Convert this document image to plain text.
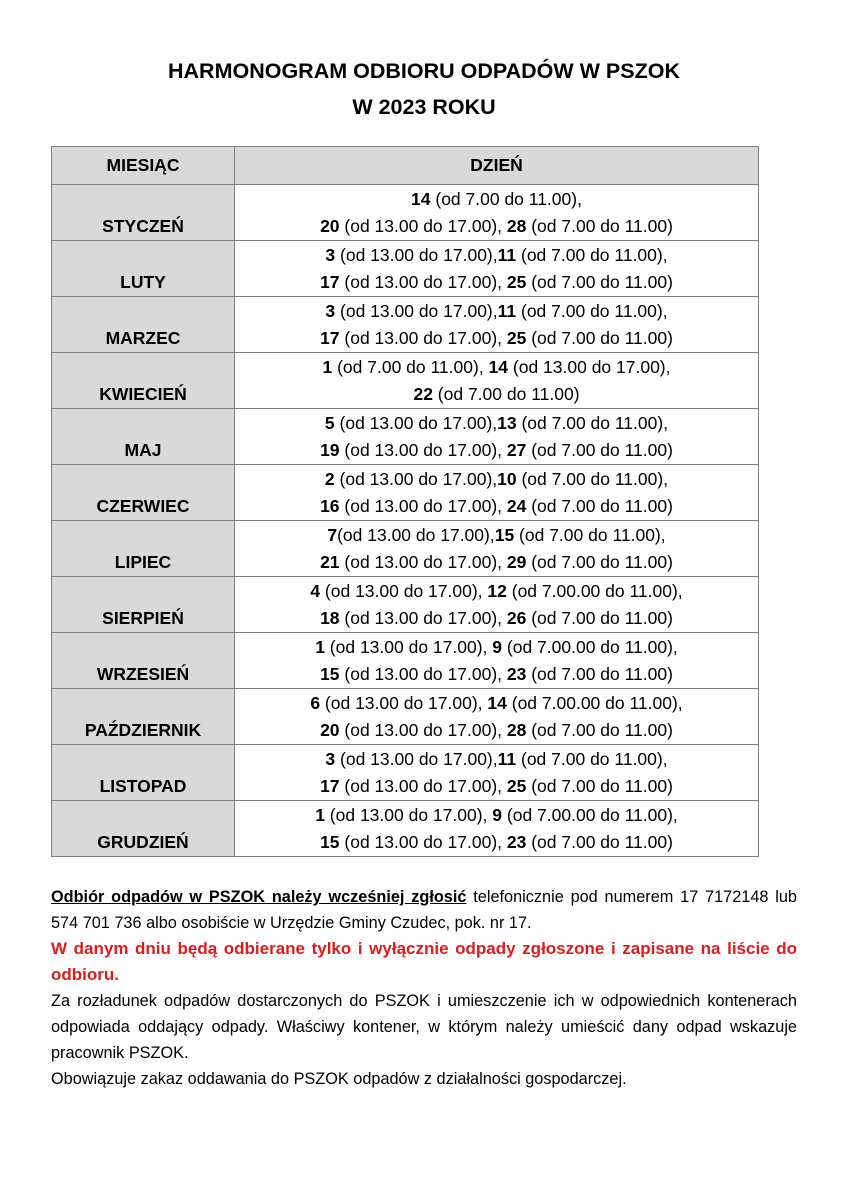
HARMONOGRAM ODBIORU ODPADÓW W PSZOK
W 2023 ROKU
MIESIĄC	DZIEŃ
STYCZEŃ	14 (od 7.00 do 11.00),
20 (od 13.00 do 17.00), 28 (od 7.00 do 11.00)

LUTY	3 (od 13.00 do 17.00),11 (od 7.00 do 11.00),
17 (od 13.00 do 17.00), 25 (od 7.00 do 11.00)

MARZEC	3 (od 13.00 do 17.00),11 (od 7.00 do 11.00),
17 (od 13.00 do 17.00), 25 (od 7.00 do 11.00)

KWIECIEŃ	1 (od 7.00 do 11.00), 14 (od 13.00 do 17.00),
22 (od 7.00 do 11.00)

MAJ	5 (od 13.00 do 17.00),13 (od 7.00 do 11.00),
19 (od 13.00 do 17.00), 27 (od 7.00 do 11.00)

CZERWIEC	2 (od 13.00 do 17.00),10 (od 7.00 do 11.00),
16 (od 13.00 do 17.00), 24 (od 7.00 do 11.00)

LIPIEC	7(od 13.00 do 17.00),15 (od 7.00 do 11.00),
21 (od 13.00 do 17.00), 29 (od 7.00 do 11.00)

SIERPIEŃ	4 (od 13.00 do 17.00), 12 (od 7.00.00 do 11.00),
18 (od 13.00 do 17.00), 26 (od 7.00 do 11.00)

WRZESIEŃ	1 (od 13.00 do 17.00), 9 (od 7.00.00 do 11.00),
15 (od 13.00 do 17.00), 23 (od 7.00 do 11.00)

PAŹDZIERNIK	6 (od 13.00 do 17.00), 14 (od 7.00.00 do 11.00),
20 (od 13.00 do 17.00), 28 (od 7.00 do 11.00)

LISTOPAD	3 (od 13.00 do 17.00),11 (od 7.00 do 11.00),
17 (od 13.00 do 17.00), 25 (od 7.00 do 11.00)

GRUDZIEŃ	1 (od 13.00 do 17.00), 9 (od 7.00.00 do 11.00),
15 (od 13.00 do 17.00), 23 (od 7.00 do 11.00)

Odbiór odpadów w PSZOK należy wcześniej zgłosić telefonicznie pod numerem 17 7172148 lub 574 701 736 albo osobiście w Urzędzie Gminy Czudec, pok. nr 17.

W danym dniu będą odbierane tylko i wyłącznie odpady zgłoszone i zapisane na liście do odbioru.

Za rozładunek odpadów dostarczonych do PSZOK i umieszczenie ich w odpowiednich kontenerach odpowiada oddający odpady. Właściwy kontener, w którym należy umieścić dany odpad wskazuje pracownik PSZOK.

Obowiązuje zakaz oddawania do PSZOK odpadów z działalności gospodarczej.
